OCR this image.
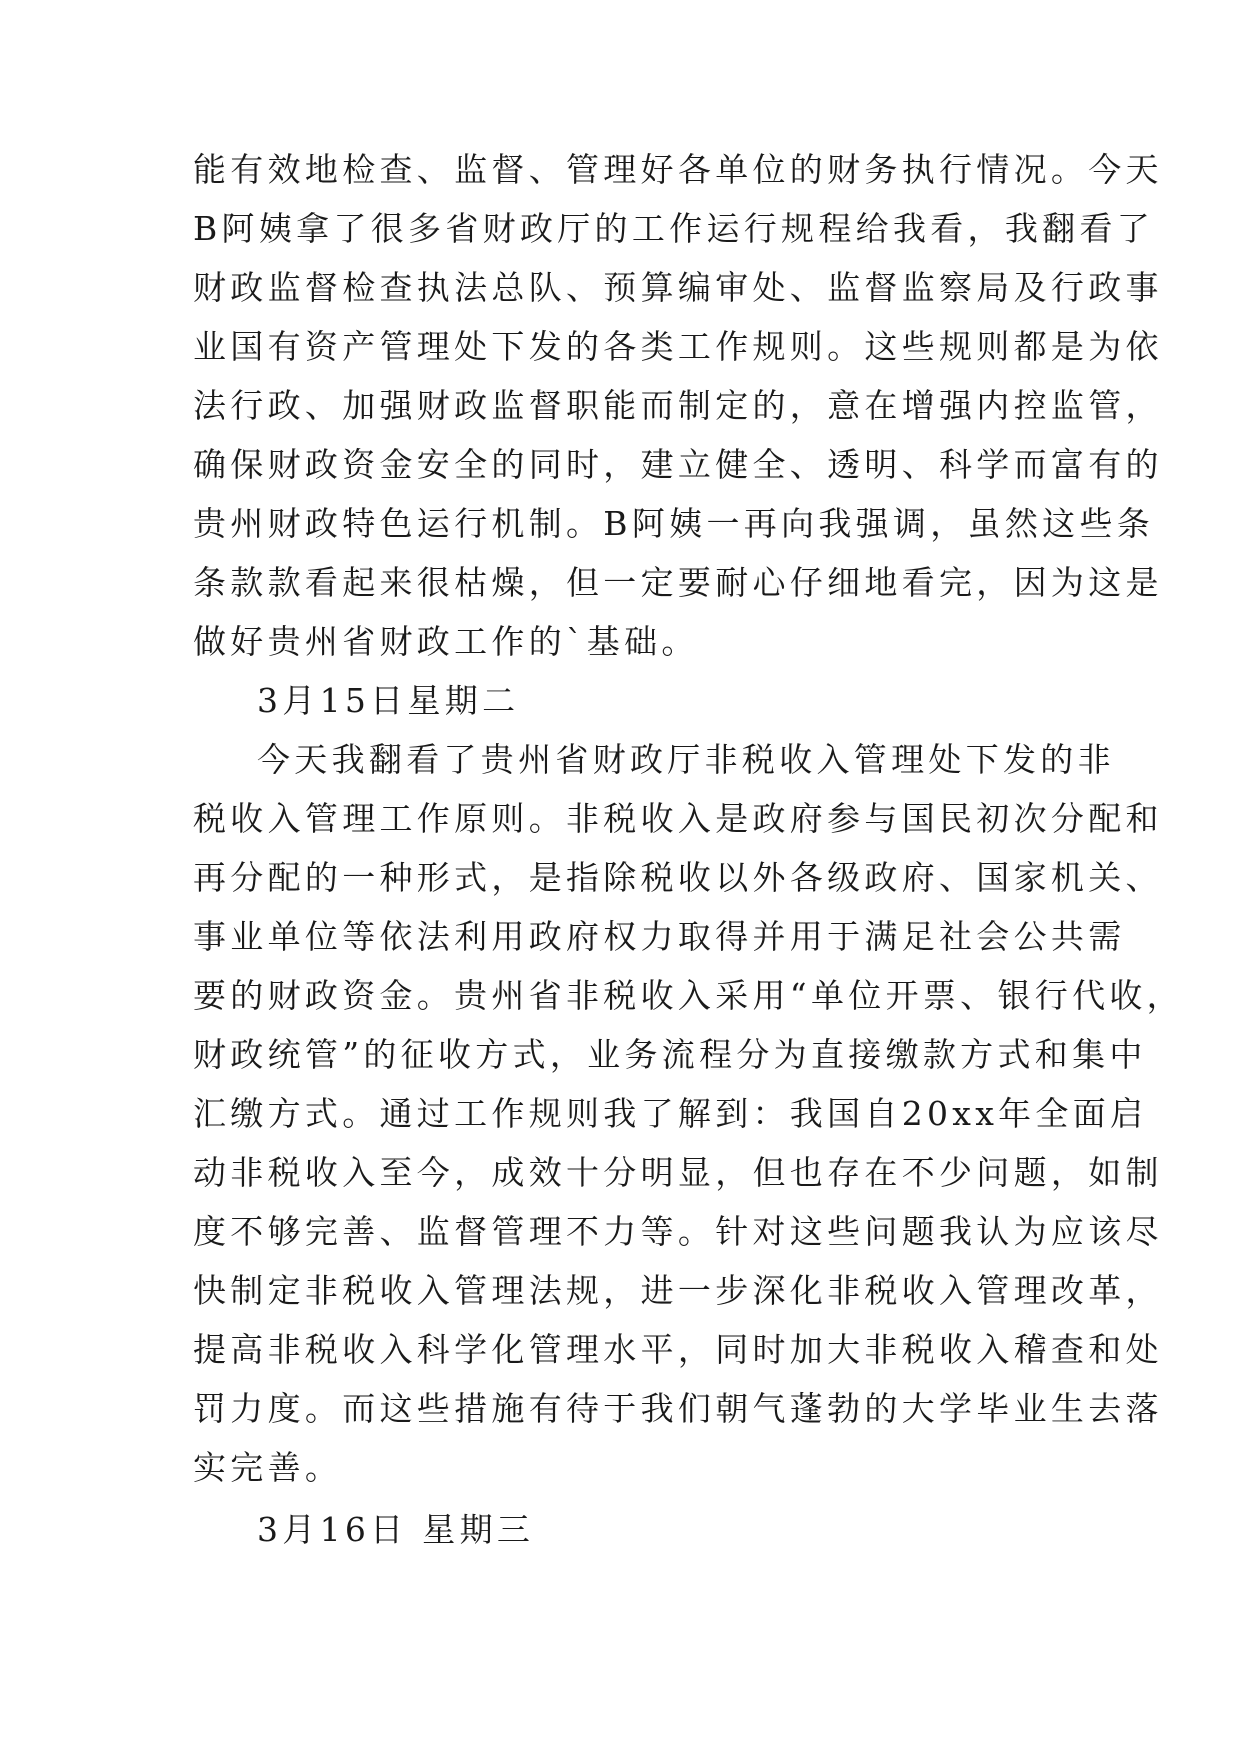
能有效地检查、监督、管理好各单位的财务执行情况。今天
B阿姨拿了很多省财政厅的工作运行规程给我看，我翻看了
财政监督检查执法总队、预算编审处、监督监察局及行政事
业国有资产管理处下发的各类工作规则。这些规则都是为依
法行政、加强财政监督职能而制定的，意在增强内控监管，
确保财政资金安全的同时，建立健全、透明、科学而富有的
贵州财政特色运行机制。B阿姨一再向我强调，虽然这些条
条款款看起来很枯燥，但一定要耐心仔细地看完，因为这是
做好贵州省财政工作的`基础。
3月15日星期二
今天我翻看了贵州省财政厅非税收入管理处下发的非
税收入管理工作原则。非税收入是政府参与国民初次分配和
再分配的一种形式，是指除税收以外各级政府、国家机关、
事业单位等依法利用政府权力取得并用于满足社会公共需
要的财政资金。贵州省非税收入采用“单位开票、银行代收，
财政统管”的征收方式，业务流程分为直接缴款方式和集中
汇缴方式。通过工作规则我了解到：我国自20xx年全面启
动非税收入至今，成效十分明显，但也存在不少问题，如制
度不够完善、监督管理不力等。针对这些问题我认为应该尽
快制定非税收入管理法规，进一步深化非税收入管理改革，
提高非税收入科学化管理水平，同时加大非税收入稽查和处
罚力度。而这些措施有待于我们朝气蓬勃的大学毕业生去落
实完善。
3月16日 星期三
